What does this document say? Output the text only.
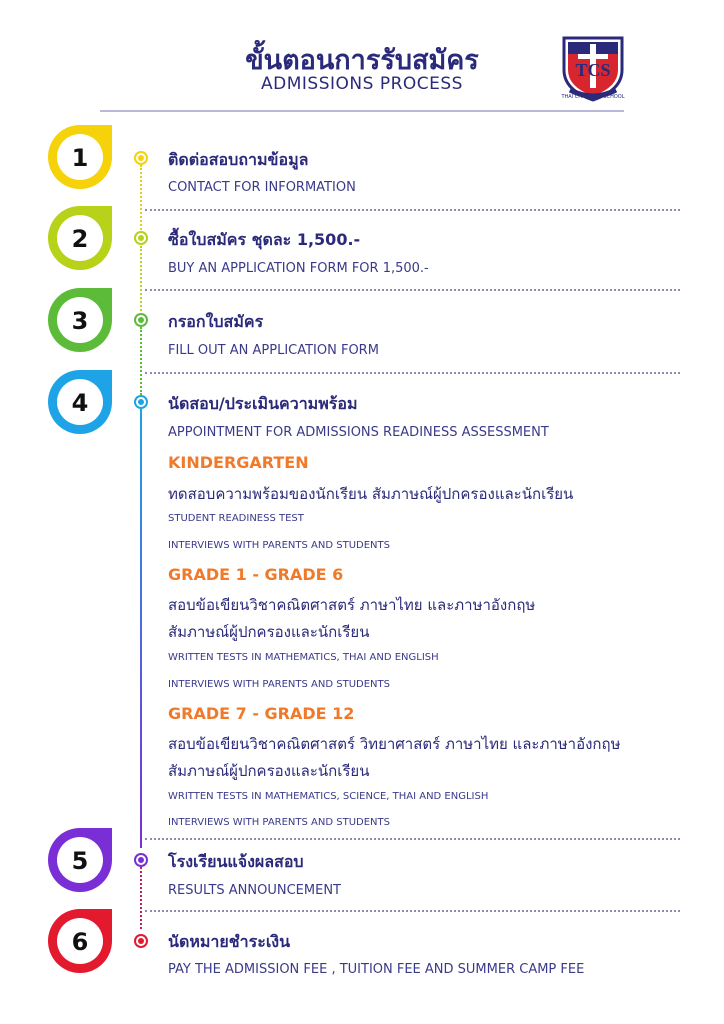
ขั้นตอนการรับสมัคร
ADMISSIONS PROCESS
TCS
THAI CHRISTIAN SCHOOL
1	ติดต่อสอบถามข้อมูล
CONTACT FOR INFORMATION
2	ซื้อใบสมัคร ชุดละ 1,500.-
BUY AN APPLICATION FORM FOR 1,500.-
3	กรอกใบสมัคร
FILL OUT AN APPLICATION FORM
4	นัดสอบ/ประเมินความพร้อม
APPOINTMENT FOR ADMISSIONS READINESS ASSESSMENT
KINDERGARTEN
ทดสอบความพร้อมของนักเรียน สัมภาษณ์ผู้ปกครองและนักเรียน
STUDENT READINESS TEST
INTERVIEWS WITH PARENTS AND STUDENTS
GRADE 1 - GRADE 6
สอบข้อเขียนวิชาคณิตศาสตร์ ภาษาไทย และภาษาอังกฤษ
สัมภาษณ์ผู้ปกครองและนักเรียน
WRITTEN TESTS IN MATHEMATICS, THAI AND ENGLISH
INTERVIEWS WITH PARENTS AND STUDENTS
GRADE 7 - GRADE 12
สอบข้อเขียนวิชาคณิตศาสตร์ วิทยาศาสตร์ ภาษาไทย และภาษาอังกฤษ
สัมภาษณ์ผู้ปกครองและนักเรียน
WRITTEN TESTS IN MATHEMATICS, SCIENCE, THAI AND ENGLISH
INTERVIEWS WITH PARENTS AND STUDENTS
5	โรงเรียนแจ้งผลสอบ
RESULTS ANNOUNCEMENT
6	นัดหมายชำระเงิน
PAY THE ADMISSION FEE , TUITION FEE AND SUMMER CAMP FEE
